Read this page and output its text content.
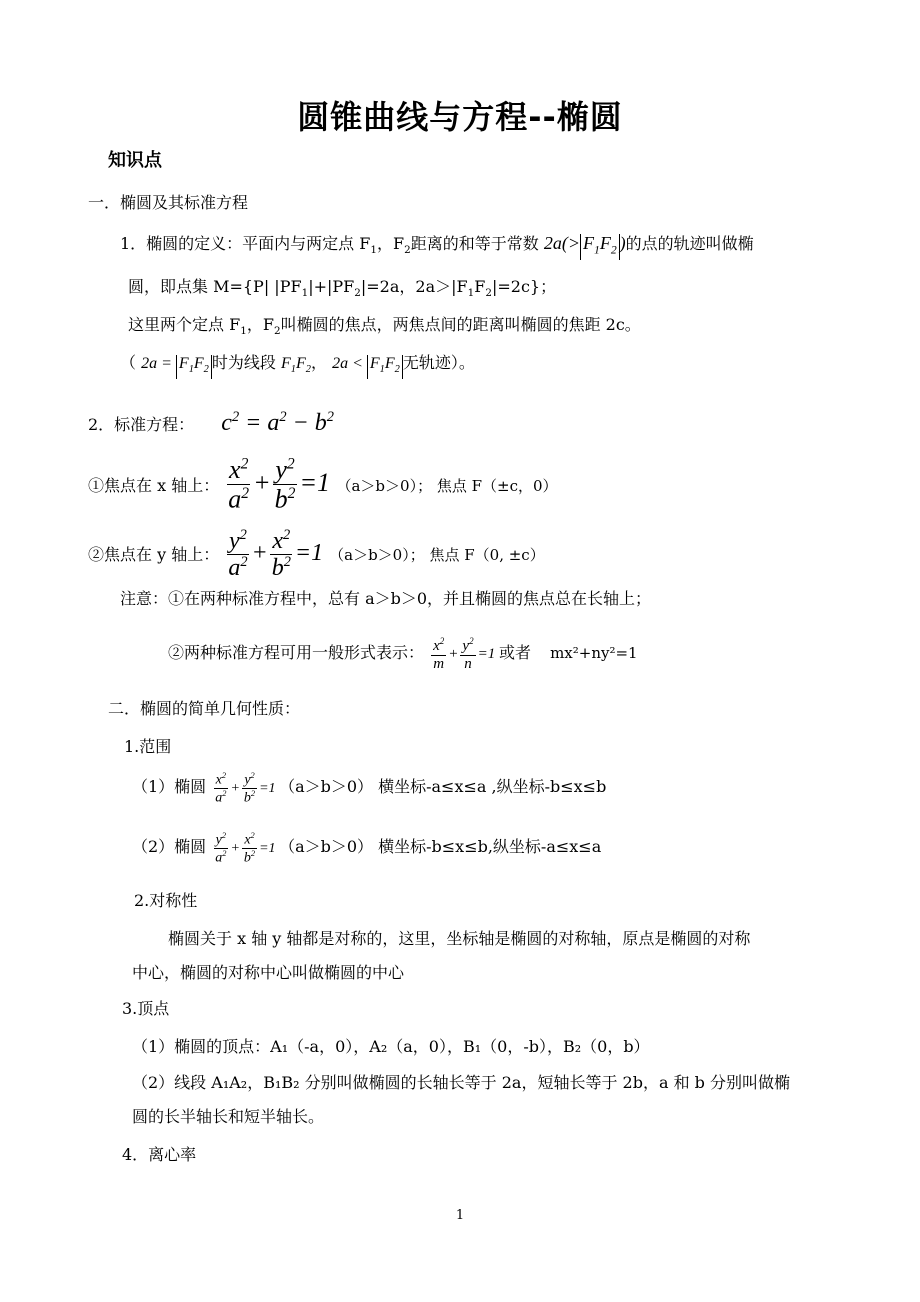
圆锥曲线与方程--椭圆
知识点
一．椭圆及其标准方程
1．椭圆的定义：平面内与两定点 $F_1$，$F_2$距离的和等于常数 $2a(> F_1F_2$ )的点的轨迹叫做椭
圆，即点集 M={P| $|PF_1|+|PF_2|=2a$，$2a>|F_1F_2|=2c$}；
这里两个定点 $F_1$，$F_2$叫椭圆的焦点，两焦点间的距离叫椭圆的焦距 2c。
（ $2a = F_1F_2$ 时为线段 $F_1F_2$， $2a < F_1F_2$ 无轨迹）。
2．标准方程： $c^2 = a^2 - b^2$
①焦点在 x 轴上： $\frac{x^2}{a^2} + \frac{y^2}{b^2} =1$ （a＞b＞0）； 焦点 F（±c，0）
②焦点在 y 轴上： $\frac{y^2}{a^2} + \frac{x^2}{b^2} =1$ （a＞b＞0）； 焦点 F（0, ±c）
注意：①在两种标准方程中，总有 a＞b＞0，并且椭圆的焦点总在长轴上；
②两种标准方程可用一般形式表示： $\frac{x^2}{m} + \frac{y^2}{n} =1$ 或者 mx²+ny²=1
二．椭圆的简单几何性质：
1.范围
（1）椭圆 $\frac{x^2}{a^2} + \frac{y^2}{b^2} =1$ （a＞b＞0） 横坐标-a≤x≤a ,纵坐标-b≤x≤b
（2）椭圆 $\frac{y^2}{a^2} + \frac{x^2}{b^2} =1$ （a＞b＞0） 横坐标-b≤x≤b,纵坐标-a≤x≤a
2.对称性
椭圆关于 x 轴 y 轴都是对称的，这里，坐标轴是椭圆的对称轴，原点是椭圆的对称
中心，椭圆的对称中心叫做椭圆的中心
3.顶点
（1）椭圆的顶点：A₁（-a，0），A₂（a，0），B₁（0，-b），B₂（0，b）
（2）线段 A₁A₂，B₁B₂ 分别叫做椭圆的长轴长等于 2a，短轴长等于 2b，a 和 b 分别叫做椭
圆的长半轴长和短半轴长。
4．离心率
1
